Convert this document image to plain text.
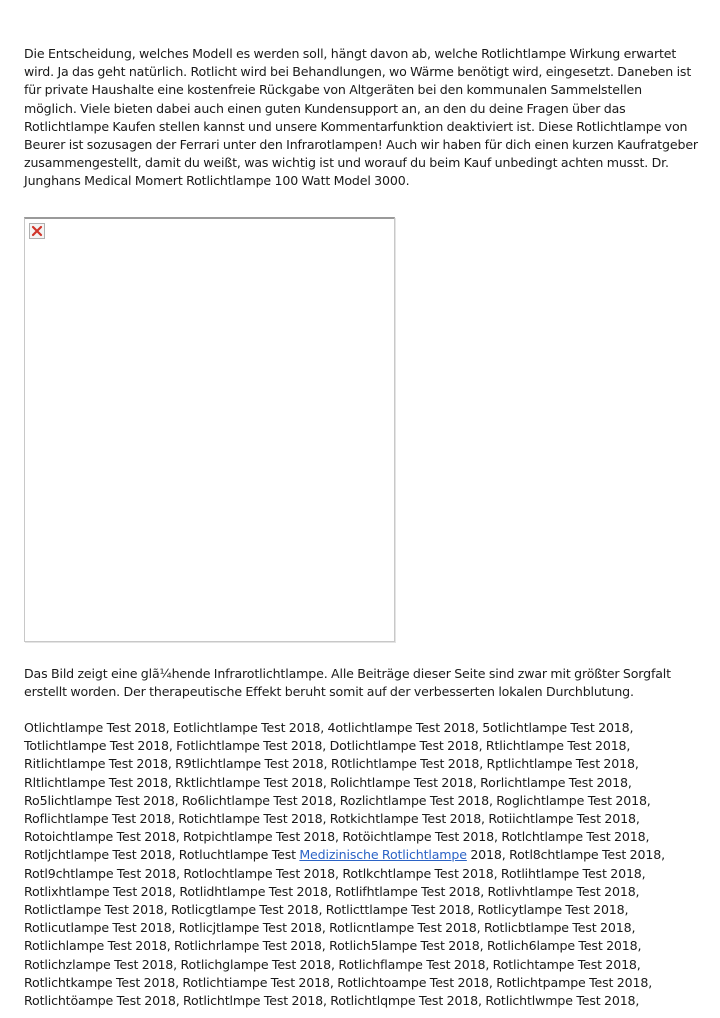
Die Entscheidung, welches Modell es werden soll, hängt davon ab, welche Rotlichtlampe Wirkung erwartet wird. Ja das geht natürlich. Rotlicht wird bei Behandlungen, wo Wärme benötigt wird, eingesetzt. Daneben ist für private Haushalte eine kostenfreie Rückgabe von Altgeräten bei den kommunalen Sammelstellen möglich. Viele bieten dabei auch einen guten Kundensupport an, an den du deine Fragen über das Rotlichtlampe Kaufen stellen kannst und unsere Kommentarfunktion deaktiviert ist. Diese Rotlichtlampe von Beurer ist sozusagen der Ferrari unter den Infrarotlampen! Auch wir haben für dich einen kurzen Kaufratgeber zusammengestellt, damit du weißt, was wichtig ist und worauf du beim Kauf unbedingt achten musst. Dr. Junghans Medical Momert Rotlichtlampe 100 Watt Model 3000.

Das Bild zeigt eine glã¼hende Infrarotlichtlampe. Alle Beiträge dieser Seite sind zwar mit größter Sorgfalt erstellt worden. Der therapeutische Effekt beruht somit auf der verbesserten lokalen Durchblutung.

Otlichtlampe Test 2018, Eotlichtlampe Test 2018, 4otlichtlampe Test 2018, 5otlichtlampe Test 2018, Totlichtlampe Test 2018, Fotlichtlampe Test 2018, Dotlichtlampe Test 2018, Rtlichtlampe Test 2018, Ritlichtlampe Test 2018, R9tlichtlampe Test 2018, R0tlichtlampe Test 2018, Rptlichtlampe Test 2018, Rltlichtlampe Test 2018, Rktlichtlampe Test 2018, Rolichtlampe Test 2018, Rorlichtlampe Test 2018, Ro5lichtlampe Test 2018, Ro6lichtlampe Test 2018, Rozlichtlampe Test 2018, Roglichtlampe Test 2018, Roflichtlampe Test 2018, Rotichtlampe Test 2018, Rotkichtlampe Test 2018, Rotiichtlampe Test 2018, Rotoichtlampe Test 2018, Rotpichtlampe Test 2018, Rotöichtlampe Test 2018, Rotlchtlampe Test 2018, Rotljchtlampe Test 2018, Rotluchtlampe Test Medizinische Rotlichtlampe 2018, Rotl8chtlampe Test 2018, Rotl9chtlampe Test 2018, Rotlochtlampe Test 2018, Rotlkchtlampe Test 2018, Rotlihtlampe Test 2018, Rotlixhtlampe Test 2018, Rotlidhtlampe Test 2018, Rotlifhtlampe Test 2018, Rotlivhtlampe Test 2018, Rotlictlampe Test 2018, Rotlicgtlampe Test 2018, Rotlicttlampe Test 2018, Rotlicytlampe Test 2018, Rotlicutlampe Test 2018, Rotlicjtlampe Test 2018, Rotlicntlampe Test 2018, Rotlicbtlampe Test 2018, Rotlichlampe Test 2018, Rotlichrlampe Test 2018, Rotlich5lampe Test 2018, Rotlich6lampe Test 2018, Rotlichzlampe Test 2018, Rotlichglampe Test 2018, Rotlichflampe Test 2018, Rotlichtampe Test 2018, Rotlichtkampe Test 2018, Rotlichtiampe Test 2018, Rotlichtoampe Test 2018, Rotlichtpampe Test 2018, Rotlichtöampe Test 2018, Rotlichtlmpe Test 2018, Rotlichtlqmpe Test 2018, Rotlichtlwmpe Test 2018,
